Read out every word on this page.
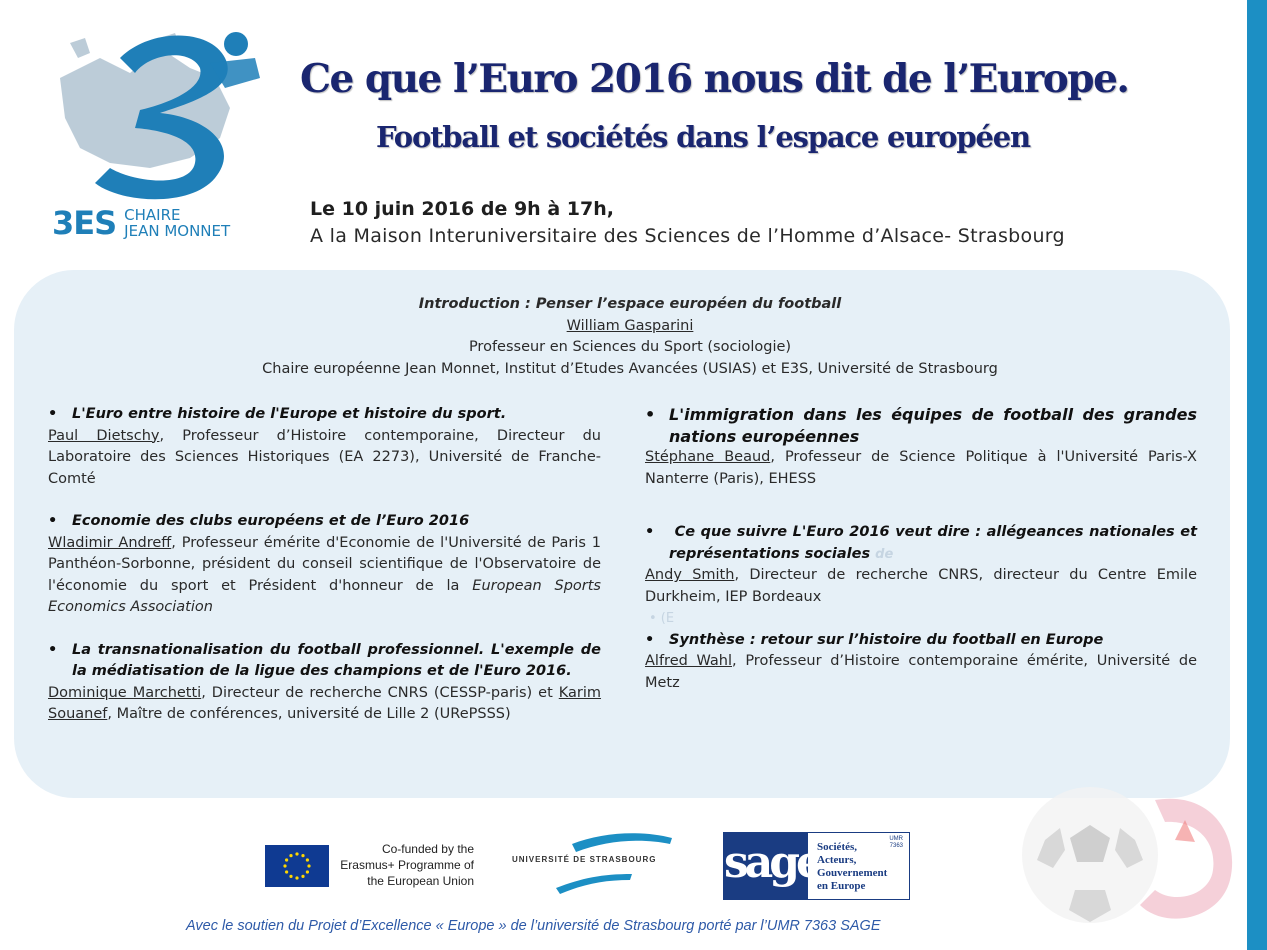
3ES CHAIRE
JEAN MONNET
Ce que l’Euro 2016 nous dit de l’Europe.
Football et sociétés dans l’espace européen
Le 10 juin 2016 de 9h à 17h,
A la Maison Interuniversitaire des Sciences de l’Homme d’Alsace- Strasbourg
Introduction : Penser l’espace européen du football
William Gasparini
Professeur en Sciences du Sport (sociologie)
Chaire européenne Jean Monnet, Institut d’Etudes Avancées (USIAS) et E3S, Université de Strasbourg
• L'Euro entre histoire de l'Europe et histoire du sport.
Paul Dietschy, Professeur d’Histoire contemporaine, Directeur du Laboratoire des Sciences Historiques (EA 2273), Université de Franche-Comté
• Economie des clubs européens et de l’Euro 2016
Wladimir Andreff, Professeur émérite d'Economie de l'Université de Paris 1 Panthéon-Sorbonne, président du conseil scientifique de l'Observatoire de l'économie du sport et Président d'honneur de la European Sports Economics Association
• La transnationalisation du football professionnel. L'exemple de la médiatisation de la ligue des champions et de l'Euro 2016.
Dominique Marchetti, Directeur de recherche CNRS (CESSP-paris) et Karim Souanef, Maître de conférences, université de Lille 2 (URePSSS)
• L'immigration dans les équipes de football des grandes nations européennes
Stéphane Beaud, Professeur de Science Politique à l'Université Paris-X Nanterre (Paris), EHESS
• Ce que suivre L'Euro 2016 veut dire : allégeances nationales et représentations sociales de
Andy Smith, Directeur de recherche CNRS, directeur du Centre Emile Durkheim, IEP Bordeaux
• (E
• Synthèse : retour sur l’histoire du football en Europe
Alfred Wahl, Professeur d’Histoire contemporaine émérite, Université de Metz
Co-funded by the Erasmus+ Programme of the European Union
UNIVERSITÉ DE STRASBOURG sage
Sociétés,
Acteurs,
Gouvernement
en Europe
UMR
7363
Avec le soutien du Projet d’Excellence « Europe » de l’université de Strasbourg porté par l’UMR 7363 SAGE
